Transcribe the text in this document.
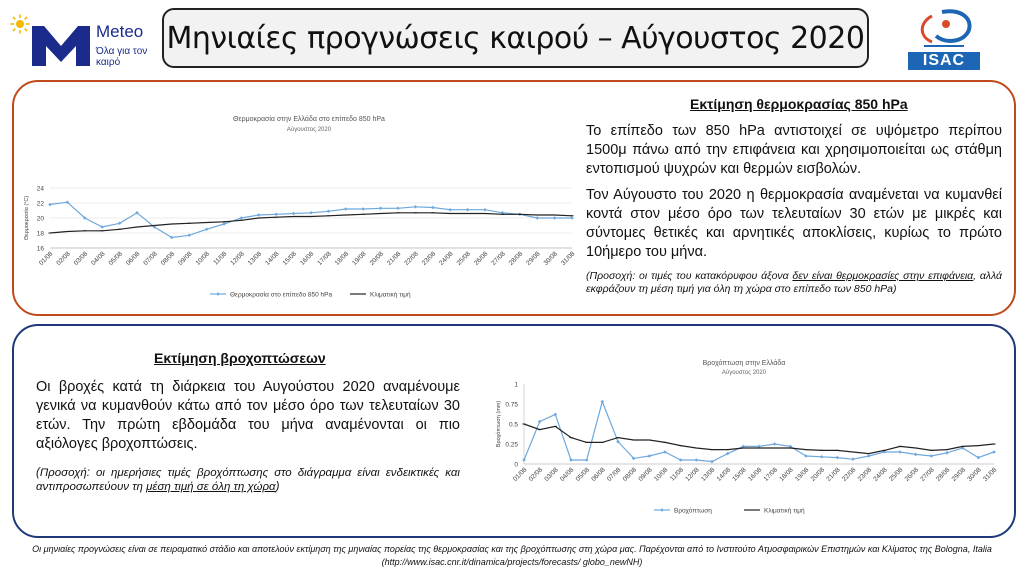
Meteo
Όλα για τον καιρό
Μηνιαίες προγνώσεις καιρού – Αύγουστος 2020
ISAC
16
18
20
22
24
Θερμοκρασία (°C)
01/08 02/08 03/08 04/08 05/08 06/08 07/08 08/08 09/08 10/08 11/08 12/08 13/08 14/08 15/08 16/08 17/08 18/08 19/08 20/08 21/08 22/08 23/08 24/08 25/08 26/08 27/08 28/08 29/08 30/08 31/08
Θερμοκρασία στο επίπεδο 850 hPa	Κλιματική τιμή
Θερμοκρασία στην Ελλάδα στο επίπεδο 850 hPa
Αύγουστος 2020
Εκτίμηση θερμοκρασίας 850 hPa
Το επίπεδο των 850 hPa αντιστοιχεί σε υψόμετρο περίπου 1500μ πάνω από την επιφάνεια και χρησιμοποιείται ως στάθμη εντοπισμού ψυχρών και θερμών εισβολών.
Τον Αύγουστο του 2020 η θερμοκρασία αναμένεται να κυμανθεί κοντά στον μέσο όρο των τελευταίων 30 ετών με μικρές και σύντομες θετικές και αρνητικές αποκλίσεις, κυρίως το πρώτο 10ήμερο του μήνα.
(Προσοχή: οι τιμές του κατακόρυφου άξονα δεν είναι θερμοκρασίες στην επιφάνεια, αλλά εκφράζουν τη μέση τιμή για όλη τη χώρα στο επίπεδο των 850 hPa)
Εκτίμηση βροχοπτώσεων
Οι βροχές κατά τη διάρκεια του Αυγούστου 2020 αναμένουμε γενικά να κυμανθούν κάτω από τον μέσο όρο των τελευταίων 30 ετών. Την πρώτη εβδομάδα του μήνα αναμένονται οι πιο αξιόλογες βροχοπτώσεις.
(Προσοχή: οι ημερήσιες τιμές βροχόπτωσης στο διάγραμμα είναι ενδεικτικές και αντιπροσωπεύουν τη μέση τιμή σε όλη τη χώρα)
0
0.25
0.5
0.75
1
Βροχόπτωση (mm)
01/08 02/08 03/08 04/08 05/08 06/08 07/08 08/08 09/08 10/08 11/08 12/08 13/08 14/08 15/08 16/08 17/08 18/08 19/08 20/08 21/08 22/08 23/08 24/08 25/08 26/08 27/08 28/08 29/08 30/08 31/08
Βροχόπτωση	Κλιματική τιμή
Βροχόπτωση στην Ελλάδα
Αύγουστος 2020
Οι μηνιαίες προγνώσεις είναι σε πειραματικό στάδιο και αποτελούν εκτίμηση της μηνιαίας πορείας της θερμοκρασίας και της βροχόπτωσης στη χώρα μας. Παρέχονται από το Ινστιτούτο Ατμοσφαιρικών Επιστημών και Κλίματος της Bologna, Italia (http://www.isac.cnr.it/dinamica/projects/forecasts/ globo_newNH)
